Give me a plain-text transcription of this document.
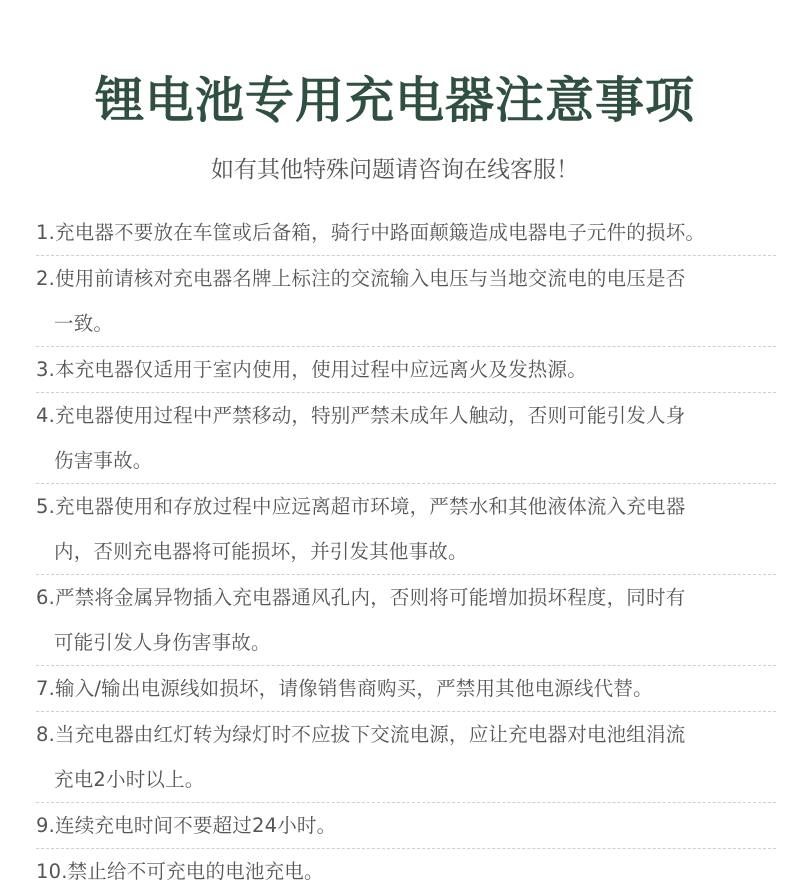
锂电池专用充电器注意事项
如有其他特殊问题请咨询在线客服！
1.充电器不要放在车筐或后备箱，骑行中路面颠簸造成电器电子元件的损坏。
2.使用前请核对充电器名牌上标注的交流输入电压与当地交流电的电压是否
一致。
3.本充电器仅适用于室内使用，使用过程中应远离火及发热源。
4.充电器使用过程中严禁移动，特别严禁未成年人触动，否则可能引发人身
伤害事故。
5.充电器使用和存放过程中应远离超市环境，严禁水和其他液体流入充电器
内，否则充电器将可能损坏，并引发其他事故。
6.严禁将金属异物插入充电器通风孔内，否则将可能增加损坏程度，同时有
可能引发人身伤害事故。
7.输入/输出电源线如损坏，请像销售商购买，严禁用其他电源线代替。
8.当充电器由红灯转为绿灯时不应拔下交流电源，应让充电器对电池组涓流
充电2小时以上。
9.连续充电时间不要超过24小时。
10.禁止给不可充电的电池充电。
